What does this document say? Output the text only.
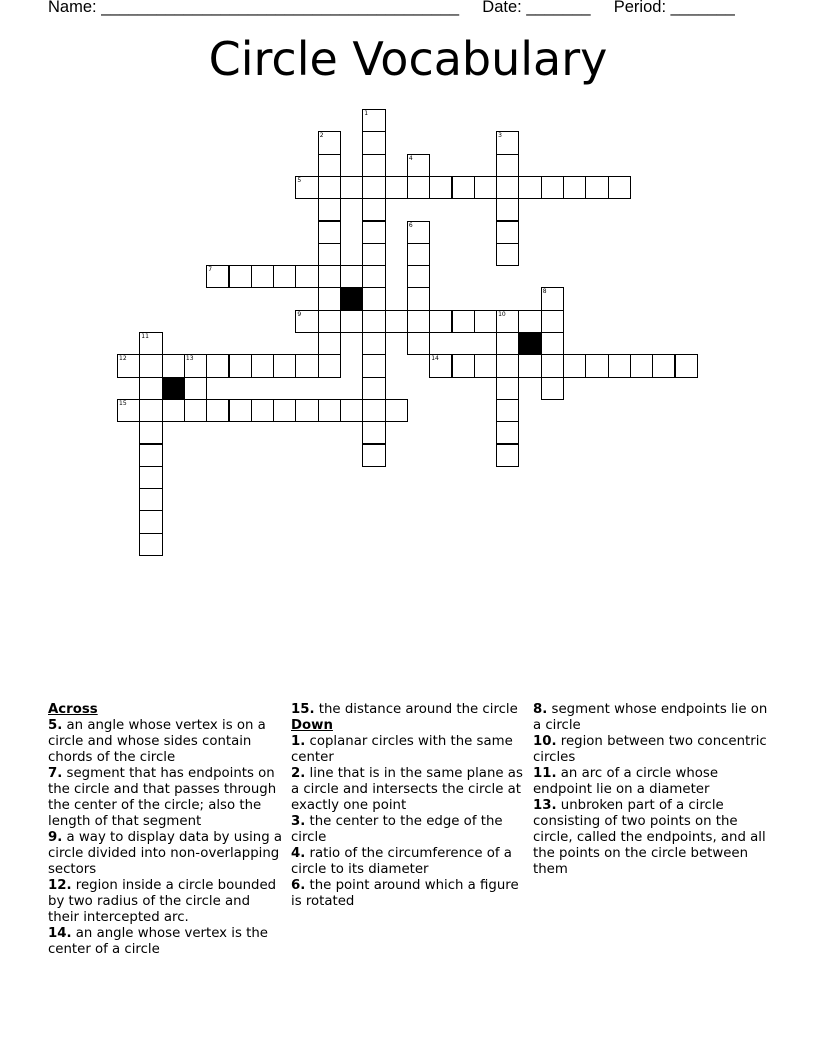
Name: _______________________________________ Date: _______ Period: _______
Circle Vocabulary
1
2	3
4
5
6
7
8
9	10
11
12	13	14
15
Across
5. an angle whose vertex is on a circle and whose sides contain chords of the circle
7. segment that has endpoints on the circle and that passes through the center of the circle; also the length of that segment
9. a way to display data by using a circle divided into non-overlapping sectors
12. region inside a circle bounded by two radius of the circle and their intercepted arc.
14. an angle whose vertex is the center of a circle
15. the distance around the circle
Down
1. coplanar circles with the same center
2. line that is in the same plane as a circle and intersects the circle at exactly one point
3. the center to the edge of the circle
4. ratio of the circumference of a circle to its diameter
6. the point around which a figure is rotated
8. segment whose endpoints lie on a circle
10. region between two concentric circles
11. an arc of a circle whose endpoint lie on a diameter
13. unbroken part of a circle consisting of two points on the circle, called the endpoints, and all the points on the circle between them
